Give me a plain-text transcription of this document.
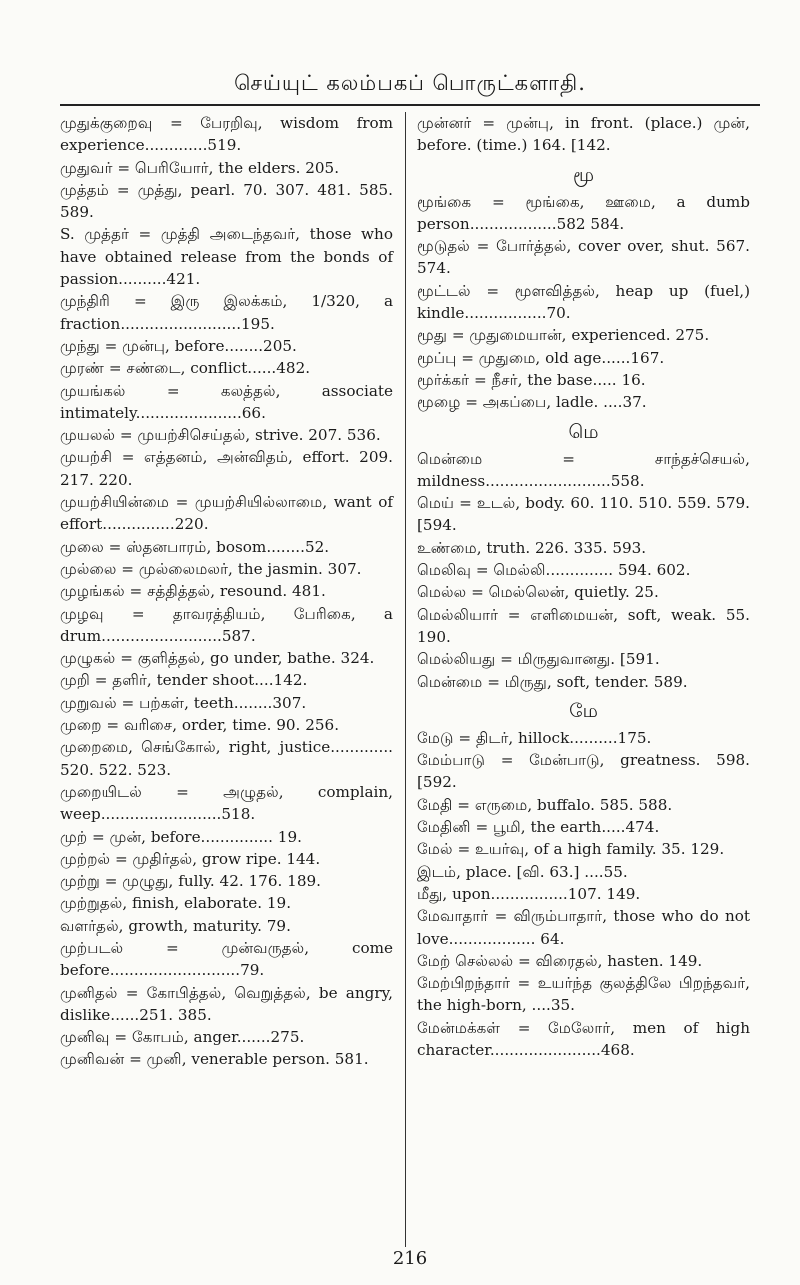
செய்யுட் கலம்பகப் பொருட்களாதி.

முதுக்குறைவு = பேரறிவு, wisdom from experience.............519.

முதுவர் = பெரியோர், the elders. 205.

முத்தம் = முத்து, pearl. 70. 307. 481. 585. 589.

S. முத்தர் = முத்தி அடைந்தவர், those who have obtained release from the bonds of passion..........421.

முந்திரி = இரு இலக்கம், 1/320, a fraction.........................195.

முந்து = முன்பு, before........205.

முரண் = சண்டை, conflict......482.

முயங்கல் = கலத்தல், associate intimately......................66.

முயலல் = முயற்சிசெய்தல், strive. 207. 536.

முயற்சி = எத்தனம், அன்விதம், effort. 209. 217. 220.

முயற்சியின்மை = முயற்சியில்லாமை, want of effort...............220.

முலை = ஸ்தனபாரம், bosom........52.

முல்லை = முல்லைமலர், the jasmin. 307.

முழங்கல் = சத்தித்தல், resound. 481.

முழவு = தாவரத்தியம், பேரிகை, a drum.........................587.

முழுகல் = குளித்தல், go under, bathe. 324.

முறி = தளிர், tender shoot....142.

முறுவல் = பற்கள், teeth........307.

முறை = வரிசை, order, time. 90. 256.

முறைமை, செங்கோல், right, justice............. 520. 522. 523.

முறையிடல் = அழுதல், complain, weep.........................518.

முற் = முன், before............... 19.

முற்றல் = முதிர்தல், grow ripe. 144.

முற்று = முழுது, fully. 42. 176. 189.

முற்றுதல், finish, elaborate. 19.

வளர்தல், growth, maturity. 79.

முற்படல் = முன்வருதல், come before...........................79.

முனிதல் = கோபித்தல், வெறுத்தல், be angry, dislike......251. 385.

முனிவு = கோபம், anger.......275.

முனிவன் = முனி, venerable person. 581.

முன்னர் = முன்பு, in front. (place.) முன், before. (time.) 164. [142.

மூ

மூங்கை = மூங்கை, ஊமை, a dumb person..................582 584.

மூடுதல் = போர்த்தல், cover over, shut. 567. 574.

மூட்டல் = மூளவித்தல், heap up (fuel,) kindle.................70.

மூது = முதுமையான், experienced. 275.

மூப்பு = முதுமை, old age......167.

மூர்க்கர் = நீசர், the base..... 16.

மூழை = அகப்பை, ladle. ....37.

மெ

மென்மை = சாந்தச்செயல், mildness..........................558.

மெய் = உடல், body. 60. 110. 510. 559. 579. [594.

உண்மை, truth. 226. 335. 593.

மெலிவு = மெல்லி.............. 594. 602.

மெல்ல = மெல்லென், quietly. 25.

மெல்லியார் = எளிமையன், soft, weak. 55. 190.

மெல்லியது = மிருதுவானது. [591.

மென்மை = மிருது, soft, tender. 589.

மே

மேடு = திடர், hillock..........175.

மேம்பாடு = மேன்பாடு, greatness. 598. [592.

மேதி = எருமை, buffalo. 585. 588.

மேதினி = பூமி, the earth.....474.

மேல் = உயர்வு, of a high family. 35. 129.

இடம், place. [வி. 63.] ....55.

மீது, upon................107. 149.

மேவாதார் = விரும்பாதார், those who do not love.................. 64.

மேற் செல்லல் = விரைதல், hasten. 149.

மேற்பிறந்தார் = உயர்ந்த குலத்திலே பிறந்தவர், the high-born, ....35.

மேன்மக்கள் = மேலோர், men of high character.......................468.

216
